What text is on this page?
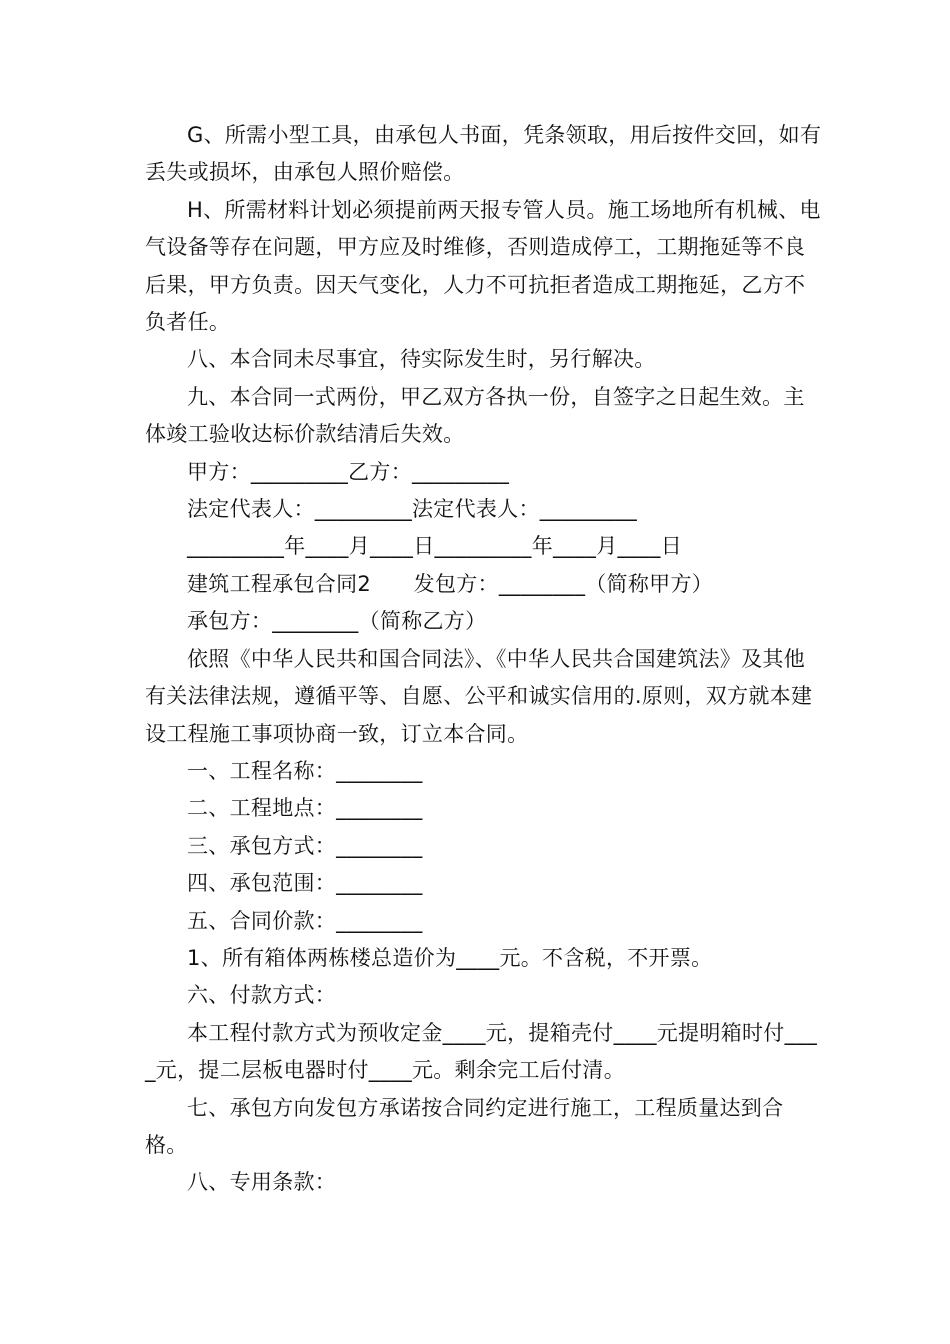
G、所需小型工具，由承包人书面，凭条领取，用后按件交回，如有丢失或损坏，由承包人照价赔偿。

H、所需材料计划必须提前两天报专管人员。施工场地所有机械、电气设备等存在问题，甲方应及时维修，否则造成停工，工期拖延等不良后果，甲方负责。因天气变化，人力不可抗拒者造成工期拖延，乙方不负者任。

八、本合同未尽事宜，待实际发生时，另行解决。

九、本合同一式两份，甲乙双方各执一份，自签字之日起生效。主体竣工验收达标价款结清后失效。

甲方：_________乙方：_________

法定代表人：_________法定代表人：_________

_________年____月____日_________年____月____日

建筑工程承包合同2　　发包方：________（简称甲方）

承包方：________（简称乙方）

依照《中华人民共和国合同法》、《中华人民共合国建筑法》及其他有关法律法规，遵循平等、自愿、公平和诚实信用的.原则，双方就本建设工程施工事项协商一致，订立本合同。

一、工程名称：________

二、工程地点：________

三、承包方式：________

四、承包范围：________

五、合同价款：________

1、所有箱体两栋楼总造价为____元。不含税，不开票。

六、付款方式：

本工程付款方式为预收定金____元，提箱壳付____元提明箱时付____元，提二层板电器时付____元。剩余完工后付清。

七、承包方向发包方承诺按合同约定进行施工，工程质量达到合格。

八、专用条款：
